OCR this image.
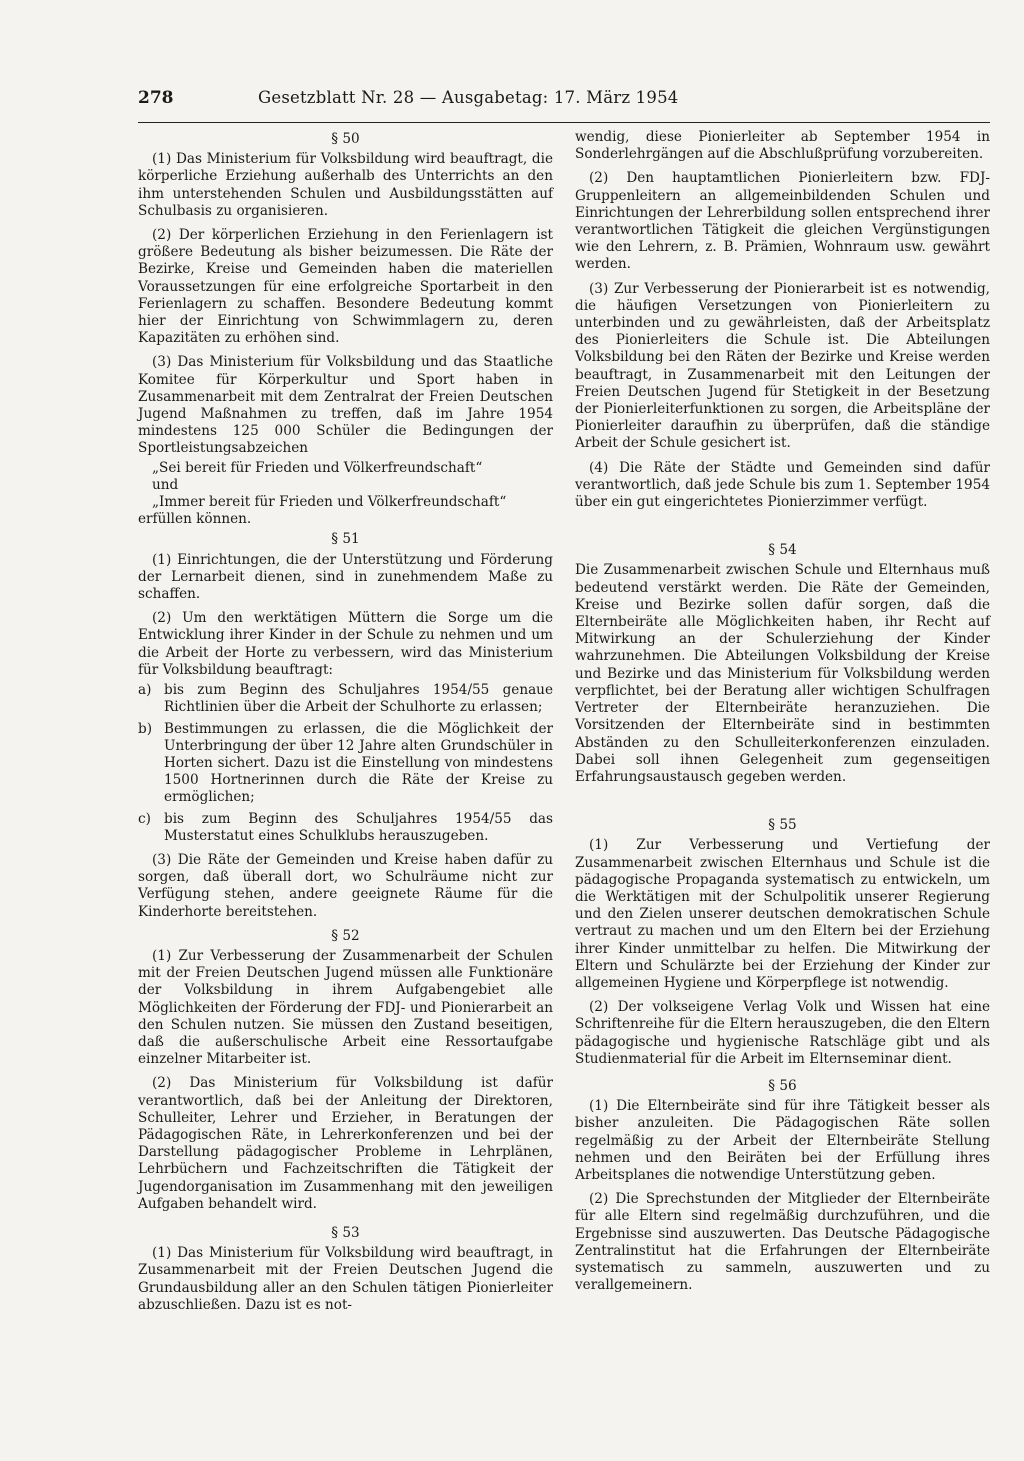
278	Gesetzblatt Nr. 28 — Ausgabetag: 17. März 1954
§ 50

(1) Das Ministerium für Volksbildung wird beauftragt, die körperliche Erziehung außerhalb des Unterrichts an den ihm unterstehenden Schulen und Ausbildungsstätten auf Schulbasis zu organisieren.

(2) Der körperlichen Erziehung in den Ferienlagern ist größere Bedeutung als bisher beizumessen. Die Räte der Bezirke, Kreise und Gemeinden haben die materiellen Voraussetzungen für eine erfolgreiche Sportarbeit in den Ferienlagern zu schaffen. Besondere Bedeutung kommt hier der Einrichtung von Schwimmlagern zu, deren Kapazitäten zu erhöhen sind.

(3) Das Ministerium für Volksbildung und das Staatliche Komitee für Körperkultur und Sport haben in Zusammenarbeit mit dem Zentralrat der Freien Deutschen Jugend Maßnahmen zu treffen, daß im Jahre 1954 mindestens 125 000 Schüler die Bedingungen der Sportleistungsabzeichen

„Sei bereit für Frieden und Völkerfreundschaft“
und
„Immer bereit für Frieden und Völkerfreundschaft“
erfüllen können.
§ 51

(1) Einrichtungen, die der Unterstützung und Förderung der Lernarbeit dienen, sind in zunehmendem Maße zu schaffen.

(2) Um den werktätigen Müttern die Sorge um die Entwicklung ihrer Kinder in der Schule zu nehmen und um die Arbeit der Horte zu verbessern, wird das Ministerium für Volksbildung beauftragt:

a) bis zum Beginn des Schuljahres 1954/55 genaue Richtlinien über die Arbeit der Schulhorte zu erlassen;
b) Bestimmungen zu erlassen, die die Möglichkeit der Unterbringung der über 12 Jahre alten Grundschüler in Horten sichert. Dazu ist die Einstellung von mindestens 1500 Hortnerinnen durch die Räte der Kreise zu ermöglichen;
c) bis zum Beginn des Schuljahres 1954/55 das Musterstatut eines Schulklubs herauszugeben.

(3) Die Räte der Gemeinden und Kreise haben dafür zu sorgen, daß überall dort, wo Schulräume nicht zur Verfügung stehen, andere geeignete Räume für die Kinderhorte bereitstehen.

§ 52

(1) Zur Verbesserung der Zusammenarbeit der Schulen mit der Freien Deutschen Jugend müssen alle Funktionäre der Volksbildung in ihrem Aufgabengebiet alle Möglichkeiten der Förderung der FDJ- und Pionierarbeit an den Schulen nutzen. Sie müssen den Zustand beseitigen, daß die außerschulische Arbeit eine Ressortaufgabe einzelner Mitarbeiter ist.

(2) Das Ministerium für Volksbildung ist dafür verantwortlich, daß bei der Anleitung der Direktoren, Schulleiter, Lehrer und Erzieher, in Beratungen der Pädagogischen Räte, in Lehrerkonferenzen und bei der Darstellung pädagogischer Probleme in Lehrplänen, Lehrbüchern und Fachzeitschriften die Tätigkeit der Jugendorganisation im Zusammenhang mit den jeweiligen Aufgaben behandelt wird.

§ 53

(1) Das Ministerium für Volksbildung wird beauftragt, in Zusammenarbeit mit der Freien Deutschen Jugend die Grundausbildung aller an den Schulen tätigen Pionierleiter abzuschließen. Dazu ist es not-

wendig, diese Pionierleiter ab September 1954 in Sonderlehrgängen auf die Abschlußprüfung vorzubereiten.

(2) Den hauptamtlichen Pionierleitern bzw. FDJ-Gruppenleitern an allgemeinbildenden Schulen und Einrichtungen der Lehrerbildung sollen entsprechend ihrer verantwortlichen Tätigkeit die gleichen Vergünstigungen wie den Lehrern, z. B. Prämien, Wohnraum usw. gewährt werden.

(3) Zur Verbesserung der Pionierarbeit ist es notwendig, die häufigen Versetzungen von Pionierleitern zu unterbinden und zu gewährleisten, daß der Arbeitsplatz des Pionierleiters die Schule ist. Die Abteilungen Volksbildung bei den Räten der Bezirke und Kreise werden beauftragt, in Zusammenarbeit mit den Leitungen der Freien Deutschen Jugend für Stetigkeit in der Besetzung der Pionierleiterfunktionen zu sorgen, die Arbeitspläne der Pionierleiter daraufhin zu überprüfen, daß die ständige Arbeit der Schule gesichert ist.

(4) Die Räte der Städte und Gemeinden sind dafür verantwortlich, daß jede Schule bis zum 1. September 1954 über ein gut eingerichtetes Pionierzimmer verfügt.

§ 54

Die Zusammenarbeit zwischen Schule und Elternhaus muß bedeutend verstärkt werden. Die Räte der Gemeinden, Kreise und Bezirke sollen dafür sorgen, daß die Elternbeiräte alle Möglichkeiten haben, ihr Recht auf Mitwirkung an der Schulerziehung der Kinder wahrzunehmen. Die Abteilungen Volksbildung der Kreise und Bezirke und das Ministerium für Volksbildung werden verpflichtet, bei der Beratung aller wichtigen Schulfragen Vertreter der Elternbeiräte heranzuziehen. Die Vorsitzenden der Elternbeiräte sind in bestimmten Abständen zu den Schulleiterkonferenzen einzuladen. Dabei soll ihnen Gelegenheit zum gegenseitigen Erfahrungsaustausch gegeben werden.

§ 55

(1) Zur Verbesserung und Vertiefung der Zusammenarbeit zwischen Elternhaus und Schule ist die pädagogische Propaganda systematisch zu entwickeln, um die Werktätigen mit der Schulpolitik unserer Regierung und den Zielen unserer deutschen demokratischen Schule vertraut zu machen und um den Eltern bei der Erziehung ihrer Kinder unmittelbar zu helfen. Die Mitwirkung der Eltern und Schulärzte bei der Erziehung der Kinder zur allgemeinen Hygiene und Körperpflege ist notwendig.

(2) Der volkseigene Verlag Volk und Wissen hat eine Schriftenreihe für die Eltern herauszugeben, die den Eltern pädagogische und hygienische Ratschläge gibt und als Studienmaterial für die Arbeit im Elternseminar dient.

§ 56

(1) Die Elternbeiräte sind für ihre Tätigkeit besser als bisher anzuleiten. Die Pädagogischen Räte sollen regelmäßig zu der Arbeit der Elternbeiräte Stellung nehmen und den Beiräten bei der Erfüllung ihres Arbeitsplanes die notwendige Unterstützung geben.

(2) Die Sprechstunden der Mitglieder der Elternbeiräte für alle Eltern sind regelmäßig durchzuführen, und die Ergebnisse sind auszuwerten. Das Deutsche Pädagogische Zentralinstitut hat die Erfahrungen der Elternbeiräte systematisch zu sammeln, auszuwerten und zu verallgemeinern.
